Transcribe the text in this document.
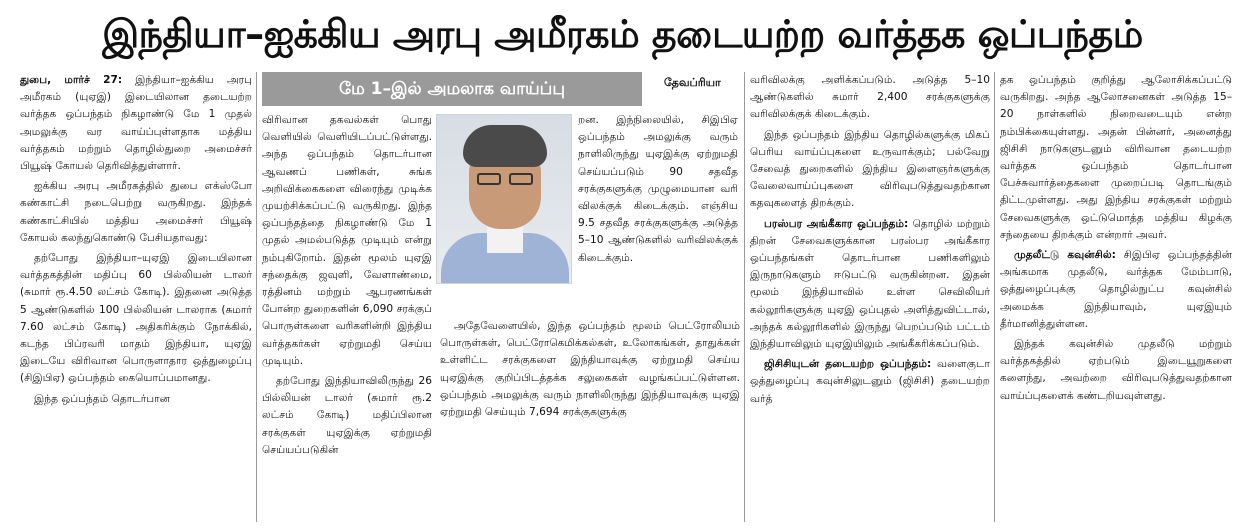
இந்தியா–ஐக்கிய அரபு அமீரகம் தடையற்ற வர்த்தக ஒப்பந்தம்
மே 1–இல் அமலாக வாய்ப்பு	தேவப்ரியா

துபை, மார்ச் 27: இந்தியா–ஐக்கிய அரபு அமீரகம் (யுஏஇ) இடையிலான தடையற்ற வர்த்தக ஒப்பந்தம் நிகழாண்டு மே 1 முதல் அமலுக்கு வர வாய்ப்புள்ளதாக மத்திய வர்த்தகம் மற்றும் தொழில்துறை அமைச்சர் பியூஷ் கோயல் தெரிவித்துள்ளார்.

ஐக்கிய அரபு அமீரகத்தில் துபை எக்ஸ்போ கண்காட்சி நடைபெற்று வருகிறது. இந்தக் கண்காட்சியில் மத்திய அமைச்சர் பியூஷ் கோயல் கலந்துகொண்டு பேசியதாவது:

தற்போது இந்தியா–யுஏஇ இடையிலான வர்த்தகத்தின் மதிப்பு 60 பில்லியன் டாலர் (சுமார் ரூ.4.50 லட்சம் கோடி). இதனை அடுத்த 5 ஆண்டுகளில் 100 பில்லியன் டாலராக (சுமார் 7.60 லட்சம் கோடி) அதிகரிக்கும் நோக்கில், கடந்த பிப்ரவரி மாதம் இந்தியா, யுஏஇ இடையே விரிவான பொருளாதார ஒத்துழைப்பு (சிஇபிஏ) ஒப்பந்தம் கையொப்பமானது.

இந்த ஒப்பந்தம் தொடர்பான

விரிவான தகவல்கள் பொது வெளியில் வெளியிடப்பட்டுள்ளது. அந்த ஒப்பந்தம் தொடர்பான ஆவணப் பணிகள், சுங்க அறிவிக்கைகளை விரைந்து முடிக்க முயற்சிக்கப்பட்டு வருகிறது. இந்த ஒப்பந்தத்தை நிகழாண்டு மே 1 முதல் அமல்படுத்த முடியும் என்று நம்புகிறோம். இதன் மூலம் யுஏஇ சந்தைக்கு ஜவுளி, வேளாண்மை, ரத்தினம் மற்றும் ஆபரணங்கள் போன்ற துறைகளின் 6,090 சரக்குப் பொருள்களை வரிகளின்றி இந்திய வர்த்தகர்கள் ஏற்றுமதி செய்ய முடியும்.

தற்போது இந்தியாவிலிருந்து 26 பில்லியன் டாலர் (சுமார் ரூ.2 லட்சம் கோடி) மதிப்பிலான சரக்குகள் யுஏஇக்கு ஏற்றுமதி செய்யப்படுகின்

றன. இந்நிலையில், சிஇபிஏ ஒப்பந்தம் அமலுக்கு வரும் நாளிலிருந்து யுஏஇக்கு ஏற்றுமதி செய்யப்படும் 90 சதவீத சரக்குகளுக்கு முழுமையான வரி விலக்குக் கிடைக்கும். எஞ்சிய 9.5 சதவீத சரக்குகளுக்கு அடுத்த 5–10 ஆண்டுகளில் வரிவிலக்குக் கிடைக்கும்.

அதேவேளையில், இந்த ஒப்பந்தம் மூலம் பெட்ரோலியம் பொருள்கள், பெட்ரோகெமிக்கல்கள், உலோகங்கள், தாதுக்கள் உள்ளிட்ட சரக்குகளை இந்தியாவுக்கு ஏற்றுமதி செய்ய யுஏஇக்கு குறிப்பிடத்தக்க சலுகைகள் வழங்கப்பட்டுள்ளன. ஒப்பந்தம் அமலுக்கு வரும் நாளிலிருந்து இந்தியாவுக்கு யுஏஇ ஏற்றுமதி செய்யும் 7,694 சரக்குகளுக்கு

வரிவிலக்கு அளிக்கப்படும். அடுத்த 5–10 ஆண்டுகளில் சுமார் 2,400 சரக்குகளுக்கு வரிவிலக்குக் கிடைக்கும்.

இந்த ஒப்பந்தம் இந்திய தொழில்களுக்கு மிகப் பெரிய வாய்ப்புகளை உருவாக்கும்; பல்வேறு சேவைத் துறைகளில் இந்திய இளைஞர்களுக்கு வேலைவாய்ப்புகளை விரிவுபடுத்துவதற்கான கதவுகளைத் திறக்கும்.

பரஸ்பர அங்கீகார ஒப்பந்தம்: தொழில் மற்றும் திறன் சேவைகளுக்கான பரஸ்பர அங்கீகார ஒப்பந்தங்கள் தொடர்பான பணிகளிலும் இருநாடுகளும் ஈடுபட்டு வருகின்றன. இதன் மூலம் இந்தியாவில் உள்ள செவிலியர் கல்லூரிகளுக்கு யுஏஇ ஒப்புதல் அளித்துவிட்டால், அந்தக் கல்லூரிகளில் இருந்து பெறப்படும் பட்டம் இந்தியாவிலும் யுஏஇயிலும் அங்கீகரிக்கப்படும்.

ஜிசிசியுடன் தடையற்ற ஒப்பந்தம்: வளைகுடா ஒத்துழைப்பு கவுன்சிலுடனும் (ஜிசிசி) தடையற்ற வர்த்

தக ஒப்பந்தம் குறித்து ஆலோசிக்கப்பட்டு வருகிறது. அந்த ஆலோசனைகள் அடுத்த 15–20 நாள்களில் நிறைவடையும் என்ற நம்பிக்கையுள்ளது. அதன் பின்னர், அனைத்து ஜிசிசி நாடுகளுடனும் விரிவான தடையற்ற வர்த்தக ஒப்பந்தம் தொடர்பான பேச்சுவார்த்தைகளை முறைப்படி தொடங்கும் திட்டமுள்ளது. அது இந்திய சரக்குகள் மற்றும் சேவைகளுக்கு ஒட்டுமொத்த மத்திய கிழக்கு சந்தையை திறக்கும் என்றார் அவர்.

முதலீட்டு கவுன்சில்: சிஇபிஏ ஒப்பந்தத்தின் அங்கமாக முதலீடு, வர்த்தக மேம்பாடு, ஒத்துழைப்புக்கு தொழில்நுட்ப கவுன்சில் அமைக்க இந்தியாவும், யுஏஇயும் தீர்மானித்துள்ளன.

இந்தக் கவுன்சில் முதலீடு மற்றும் வர்த்தகத்தில் ஏற்படும் இடையூறுகளை களைந்து, அவற்றை விரிவுபடுத்துவதற்கான வாய்ப்புகளைக் கண்டறியவுள்ளது.
